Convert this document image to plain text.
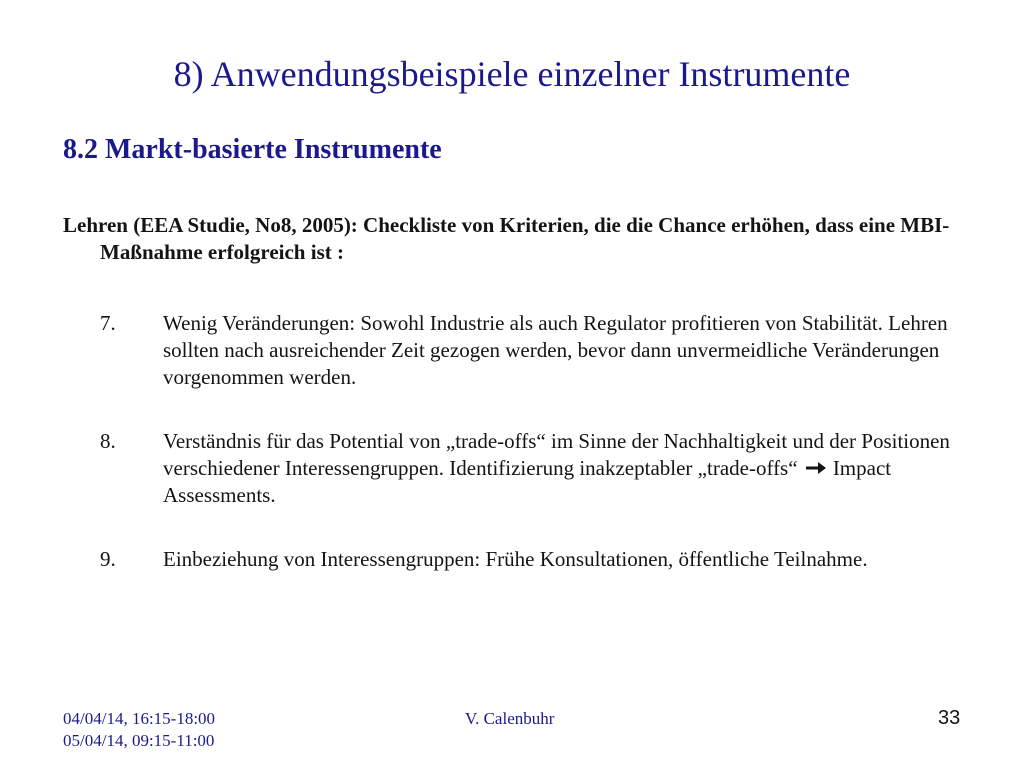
8) Anwendungsbeispiele einzelner Instrumente
8.2 Markt-basierte Instrumente

Lehren (EEA Studie, No8, 2005): Checkliste von Kriterien, die die Chance erhöhen, dass eine MBI-Maßnahme erfolgreich ist :

7.	Wenig Veränderungen: Sowohl Industrie als auch Regulator profitieren von Stabilität. Lehren sollten nach ausreichender Zeit gezogen werden, bevor dann unvermeidliche Veränderungen vorgenommen werden.
8.	Verständnis für das Potential von „trade-offs“ im Sinne der Nachhaltigkeit und der Positionen verschiedener Interessengruppen. Identifizierung inakzeptabler „trade-offs“ Impact Assessments.
9.	Einbeziehung von Interessengruppen: Frühe Konsultationen, öffentliche Teilnahme.
04/04/14, 16:15-18:00
05/04/14, 09:15-11:00
V. Calenbuhr	33
